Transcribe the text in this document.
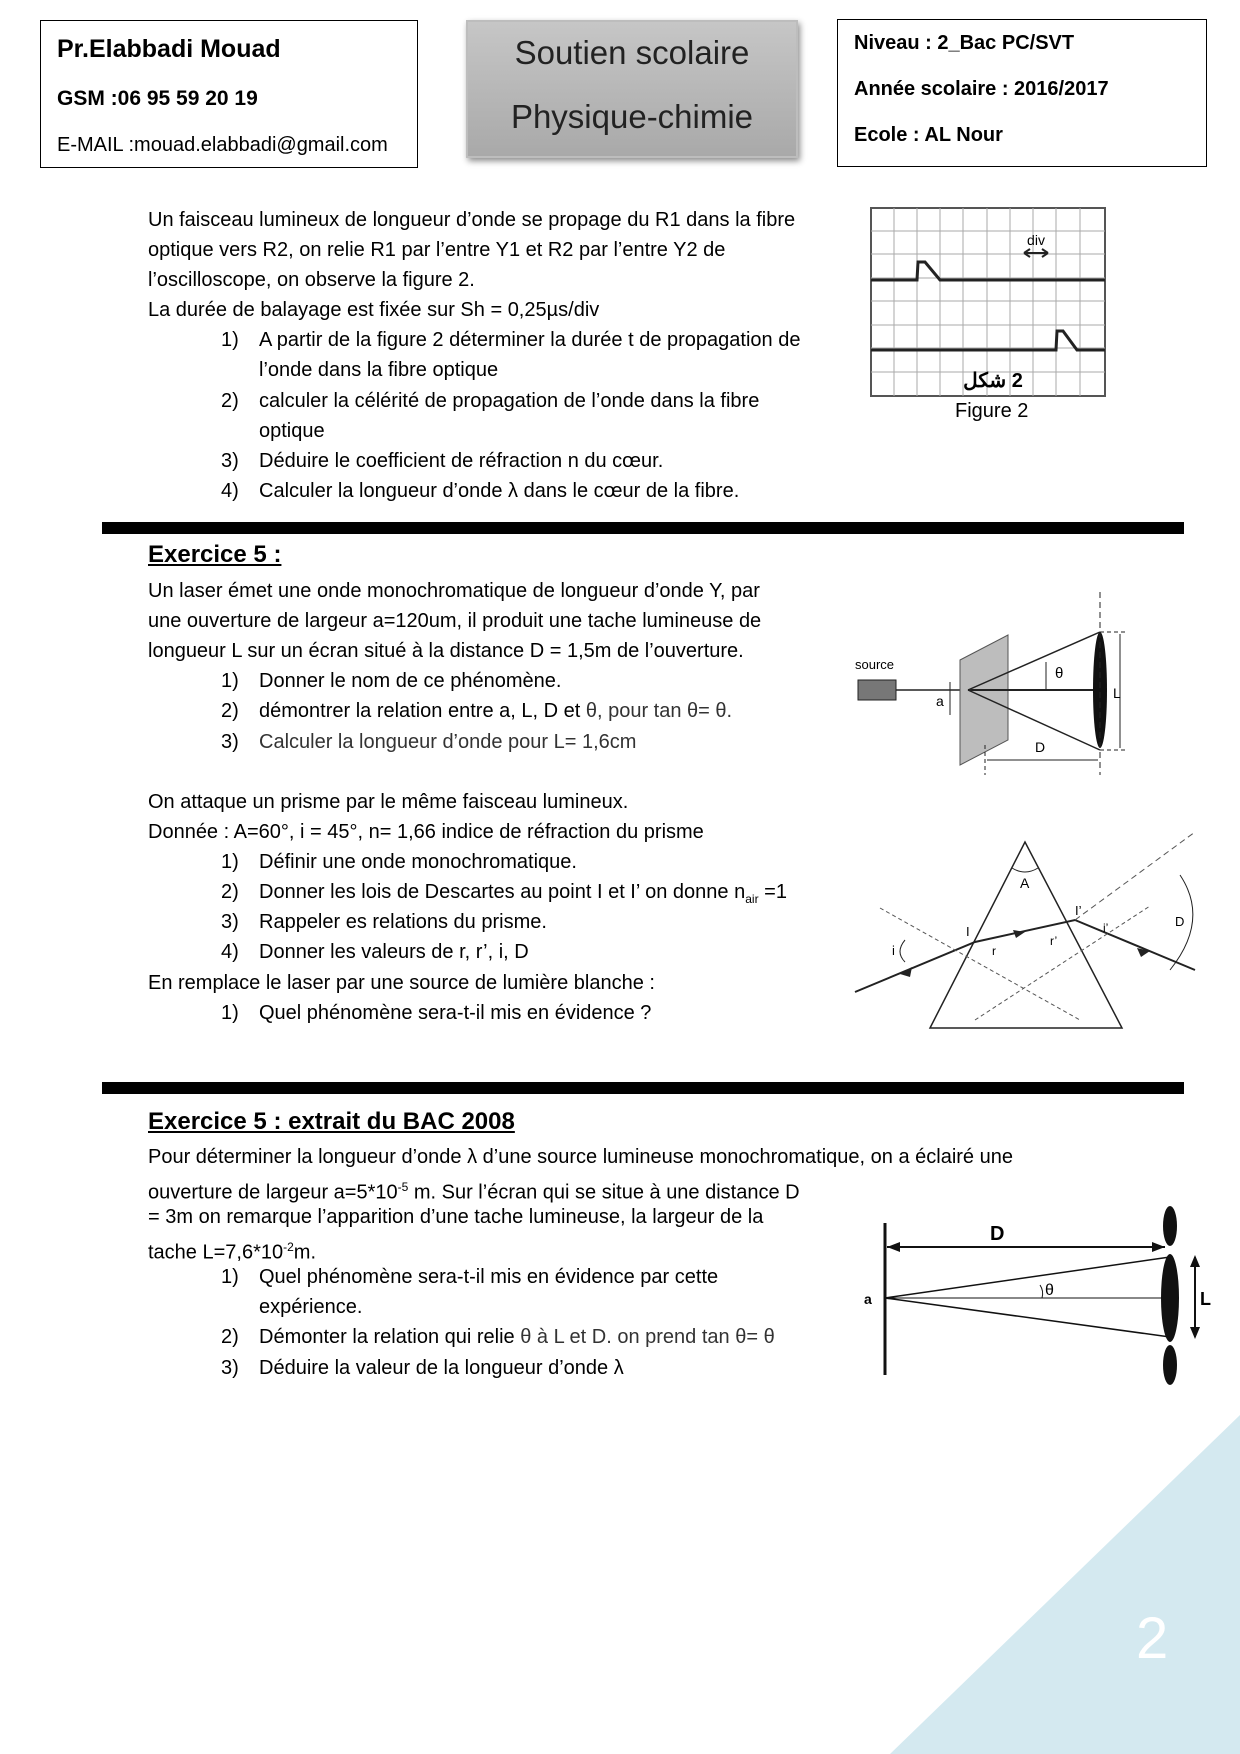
Pr.Elabbadi Mouad
GSM :06 95 59 20 19
E-MAIL :mouad.elabbadi@gmail.com
Soutien scolaire
Physique-chimie
Niveau : 2_Bac PC/SVT
Année scolaire : 2016/2017
Ecole : AL Nour
Un faisceau lumineux de longueur d’onde se propage du R1 dans la fibre
optique vers R2, on relie R1 par l’entre Y1 et R2 par l’entre Y2 de
l’oscilloscope, on observe la figure 2.
La durée de balayage est fixée sur Sh = 0,25µs/div
1) A partir de la figure 2 déterminer la durée t de propagation de
l’onde dans la fibre optique
2) calculer la célérité de propagation de l’onde dans la fibre
optique
3) Déduire le coefficient de réfraction n du cœur.
4) Calculer la longueur d’onde λ dans le cœur de la fibre.
div
2 شكل
Figure 2
Exercice 5 :
Un laser émet une onde monochromatique de longueur d’onde Y, par
une ouverture de largeur a=120um, il produit une tache lumineuse de
longueur L sur un écran situé à la distance D = 1,5m de l’ouverture.
1) Donner le nom de ce phénomène.
2) démontrer la relation entre a, L, D et θ, pour tan θ= θ.
3) Calculer la longueur d’onde pour L= 1,6cm
source
L
θ
a
D
On attaque un prisme par le même faisceau lumineux.
Donnée : A=60°, i = 45°, n= 1,66 indice de réfraction du prisme
1) Définir une onde monochromatique.
2) Donner les lois de Descartes au point I et I’ on donne $n_{air} =1$
3) Rappeler es relations du prisme.
4) Donner les valeurs de r, r’, i, D
En remplace le laser par une source de lumière blanche :
1) Quel phénomène sera-t-il mis en évidence ?
A
I
I’
i	r
r’
i’	D
Exercice 5 : extrait du BAC 2008
Pour déterminer la longueur d’onde λ d’une source lumineuse monochromatique, on a éclairé une
ouverture de largeur $a=5*10^{-5}$ m. Sur l’écran qui se situe à une distance D
= 3m on remarque l’apparition d’une tache lumineuse, la largeur de la
tache $L=7,6*10^{-2}m$.
1) Quel phénomène sera-t-il mis en évidence par cette
expérience.
2) Démonter la relation qui relie θ à L et D. on prend tan θ= θ
3) Déduire la valeur de la longueur d’onde λ
a
D
θ	L
2
